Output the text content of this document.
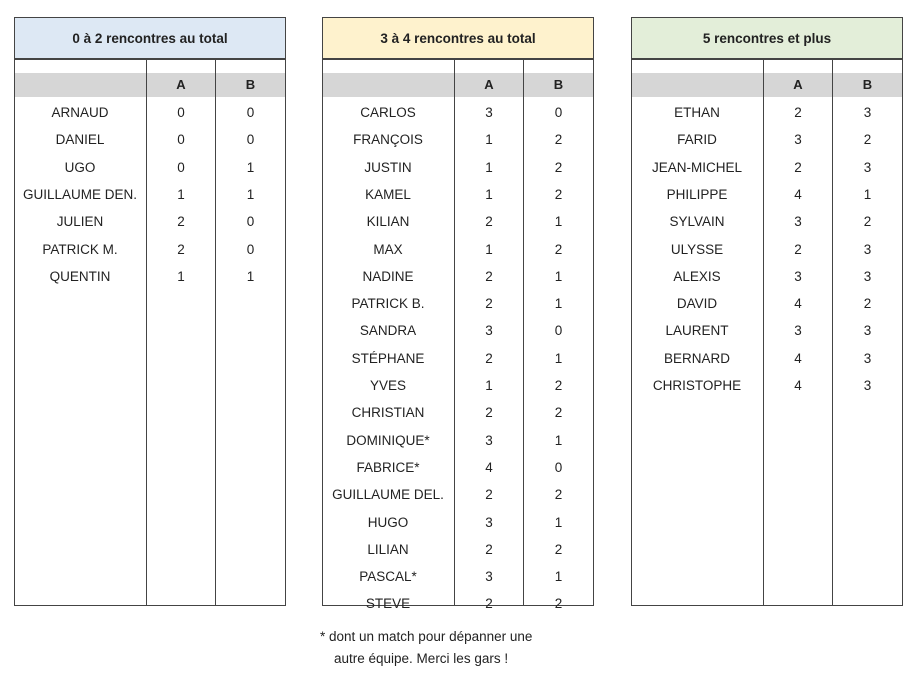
0 à 2 rencontres au total
A	B
ARNAUD	0	0
DANIEL	0	0
UGO	0	1
GUILLAUME DEN.	1	1
JULIEN	2	0
PATRICK M.	2	0
QUENTIN	1	1
3 à 4 rencontres au total
A	B
CARLOS	3	0
FRANÇOIS	1	2
JUSTIN	1	2
KAMEL	1	2
KILIAN	2	1
MAX	1	2
NADINE	2	1
PATRICK B.	2	1
SANDRA	3	0
STÉPHANE	2	1
YVES	1	2
CHRISTIAN	2	2
DOMINIQUE*	3	1
FABRICE*	4	0
GUILLAUME DEL.	2	2
HUGO	3	1
LILIAN	2	2
PASCAL*	3	1
STEVE	2	2
5 rencontres et plus
A	B
ETHAN	2	3
FARID	3	2
JEAN-MICHEL	2	3
PHILIPPE	4	1
SYLVAIN	3	2
ULYSSE	2	3
ALEXIS	3	3
DAVID	4	2
LAURENT	3	3
BERNARD	4	3
CHRISTOPHE	4	3
* dont un match pour dépanner une
autre équipe. Merci les gars !
